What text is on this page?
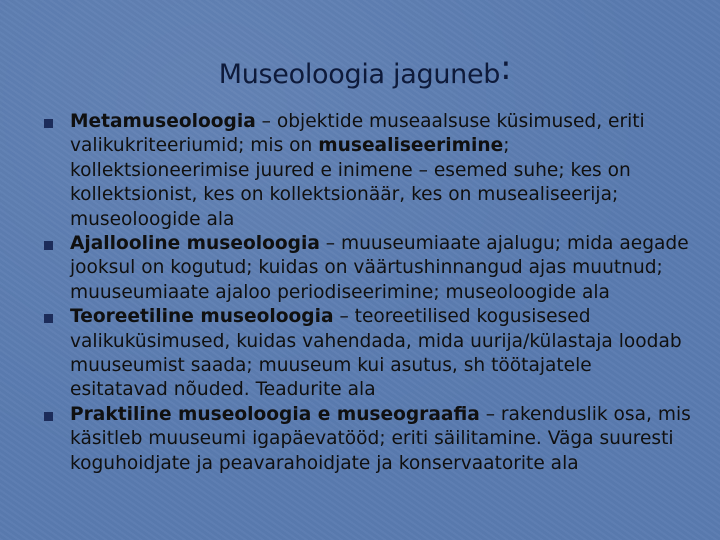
Museoloogia jaguneb:
Metamuseoloogia – objektide museaalsuse küsimused, eriti valikukriteeriumid; mis on musealiseerimine; kollektsioneerimise juured e inimene – esemed suhe; kes on kollektsionist, kes on kollektsionäär, kes on musealiseerija; museoloogide ala
Ajallooline museoloogia – muuseumiaate ajalugu; mida aegade jooksul on kogutud; kuidas on väärtushinnangud ajas muutnud; muuseumiaate ajaloo periodiseerimine; museoloogide ala
Teoreetiline museoloogia – teoreetilised kogusisesed valikuküsimused, kuidas vahendada, mida uurija/külastaja loodab muuseumist saada; muuseum kui asutus, sh töötajatele esitatavad nõuded. Teadurite ala
Praktiline museoloogia e museograafia – rakenduslik osa, mis käsitleb muuseumi igapäevatööd; eriti säilitamine. Väga suuresti koguhoidjate ja peavarahoidjate ja konservaatorite ala
